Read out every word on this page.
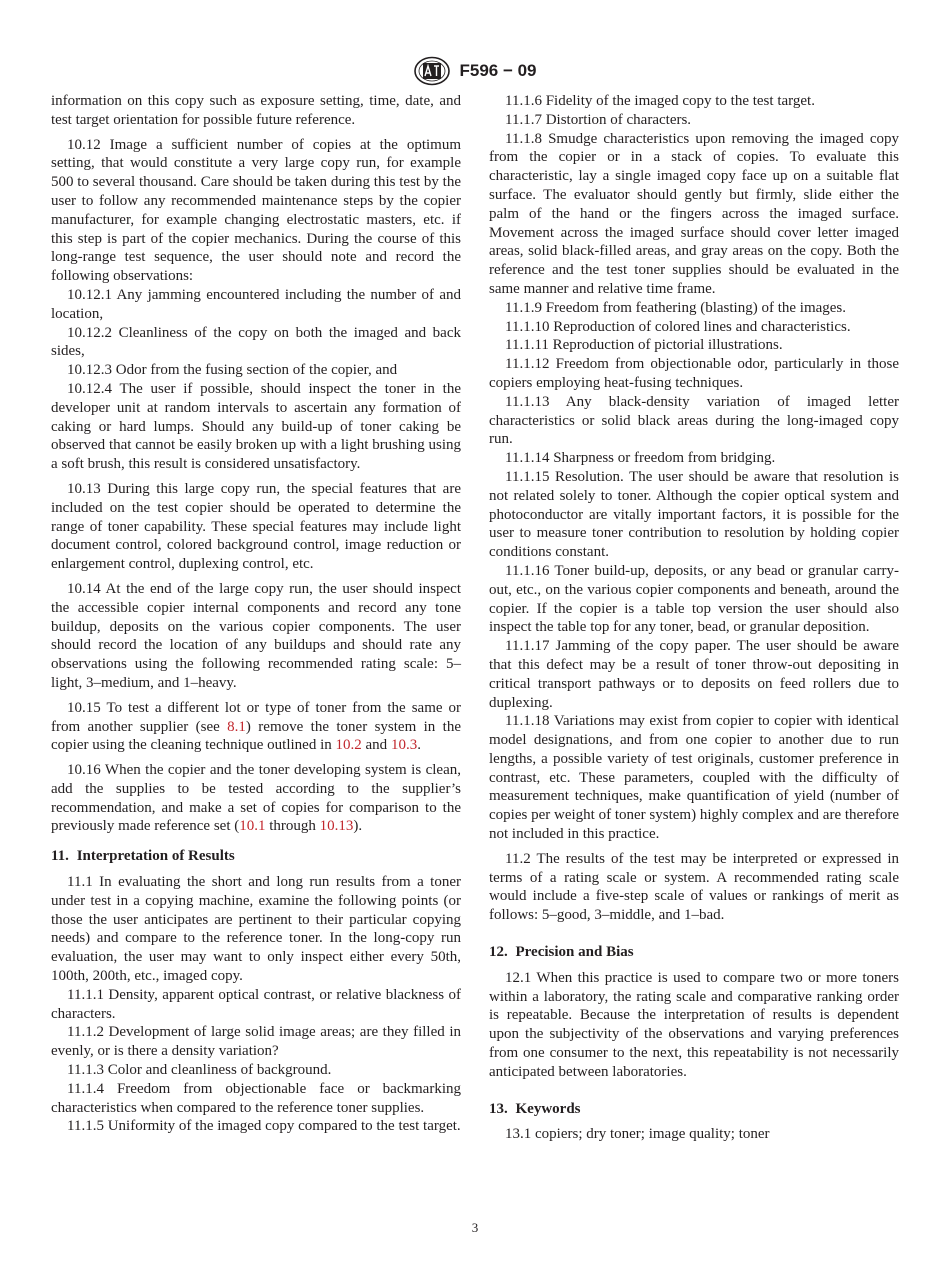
F596 − 09

information on this copy such as exposure setting, time, date, and test target orientation for possible future reference.

10.12 Image a sufficient number of copies at the optimum setting, that would constitute a very large copy run, for example 500 to several thousand. Care should be taken during this test by the user to follow any recommended maintenance steps by the copier manufacturer, for example changing electrostatic masters, etc. if this step is part of the copier mechanics. During the course of this long-range test sequence, the user should note and record the following observations:

10.12.1 Any jamming encountered including the number of and location,

10.12.2 Cleanliness of the copy on both the imaged and back sides,

10.12.3 Odor from the fusing section of the copier, and

10.12.4 The user if possible, should inspect the toner in the developer unit at random intervals to ascertain any formation of caking or hard lumps. Should any build-up of toner caking be observed that cannot be easily broken up with a light brushing using a soft brush, this result is considered unsatisfactory.

10.13 During this large copy run, the special features that are included on the test copier should be operated to determine the range of toner capability. These special features may include light document control, colored background control, image reduction or enlargement control, duplexing control, etc.

10.14 At the end of the large copy run, the user should inspect the accessible copier internal components and record any tone buildup, deposits on the various copier components. The user should record the location of any buildups and should rate any observations using the following recommended rating scale: 5–light, 3–medium, and 1–heavy.

10.15 To test a different lot or type of toner from the same or from another supplier (see 8.1) remove the toner system in the copier using the cleaning technique outlined in 10.2 and 10.3.

10.16 When the copier and the toner developing system is clean, add the supplies to be tested according to the supplier’s recommendation, and make a set of copies for comparison to the previously made reference set (10.1 through 10.13).

11. Interpretation of Results

11.1 In evaluating the short and long run results from a toner under test in a copying machine, examine the following points (or those the user anticipates are pertinent to their particular copying needs) and compare to the reference toner. In the long-copy run evaluation, the user may want to only inspect either every 50th, 100th, 200th, etc., imaged copy.

11.1.1 Density, apparent optical contrast, or relative blackness of characters.

11.1.2 Development of large solid image areas; are they filled in evenly, or is there a density variation?

11.1.3 Color and cleanliness of background.

11.1.4 Freedom from objectionable face or backmarking characteristics when compared to the reference toner supplies.

11.1.5 Uniformity of the imaged copy compared to the test target.

11.1.6 Fidelity of the imaged copy to the test target.

11.1.7 Distortion of characters.

11.1.8 Smudge characteristics upon removing the imaged copy from the copier or in a stack of copies. To evaluate this characteristic, lay a single imaged copy face up on a suitable flat surface. The evaluator should gently but firmly, slide either the palm of the hand or the fingers across the imaged surface. Movement across the imaged surface should cover letter imaged areas, solid black-filled areas, and gray areas on the copy. Both the reference and the test toner supplies should be evaluated in the same manner and relative time frame.

11.1.9 Freedom from feathering (blasting) of the images.

11.1.10 Reproduction of colored lines and characteristics.

11.1.11 Reproduction of pictorial illustrations.

11.1.12 Freedom from objectionable odor, particularly in those copiers employing heat-fusing techniques.

11.1.13 Any black-density variation of imaged letter characteristics or solid black areas during the long-imaged copy run.

11.1.14 Sharpness or freedom from bridging.

11.1.15 Resolution. The user should be aware that resolution is not related solely to toner. Although the copier optical system and photoconductor are vitally important factors, it is possible for the user to measure toner contribution to resolution by holding copier conditions constant.

11.1.16 Toner build-up, deposits, or any bead or granular carry-out, etc., on the various copier components and beneath, around the copier. If the copier is a table top version the user should also inspect the table top for any toner, bead, or granular deposition.

11.1.17 Jamming of the copy paper. The user should be aware that this defect may be a result of toner throw-out depositing in critical transport pathways or to deposits on feed rollers due to duplexing.

11.1.18 Variations may exist from copier to copier with identical model designations, and from one copier to another due to run lengths, a possible variety of test originals, customer preference in contrast, etc. These parameters, coupled with the difficulty of measurement techniques, make quantification of yield (number of copies per weight of toner system) highly complex and are therefore not included in this practice.

11.2 The results of the test may be interpreted or expressed in terms of a rating scale or system. A recommended rating scale would include a five-step scale of values or rankings of merit as follows: 5–good, 3–middle, and 1–bad.

12. Precision and Bias

12.1 When this practice is used to compare two or more toners within a laboratory, the rating scale and comparative ranking order is repeatable. Because the interpretation of results is dependent upon the subjectivity of the observations and varying preferences from one consumer to the next, this repeatability is not necessarily anticipated between laboratories.

13. Keywords

13.1 copiers; dry toner; image quality; toner

3
